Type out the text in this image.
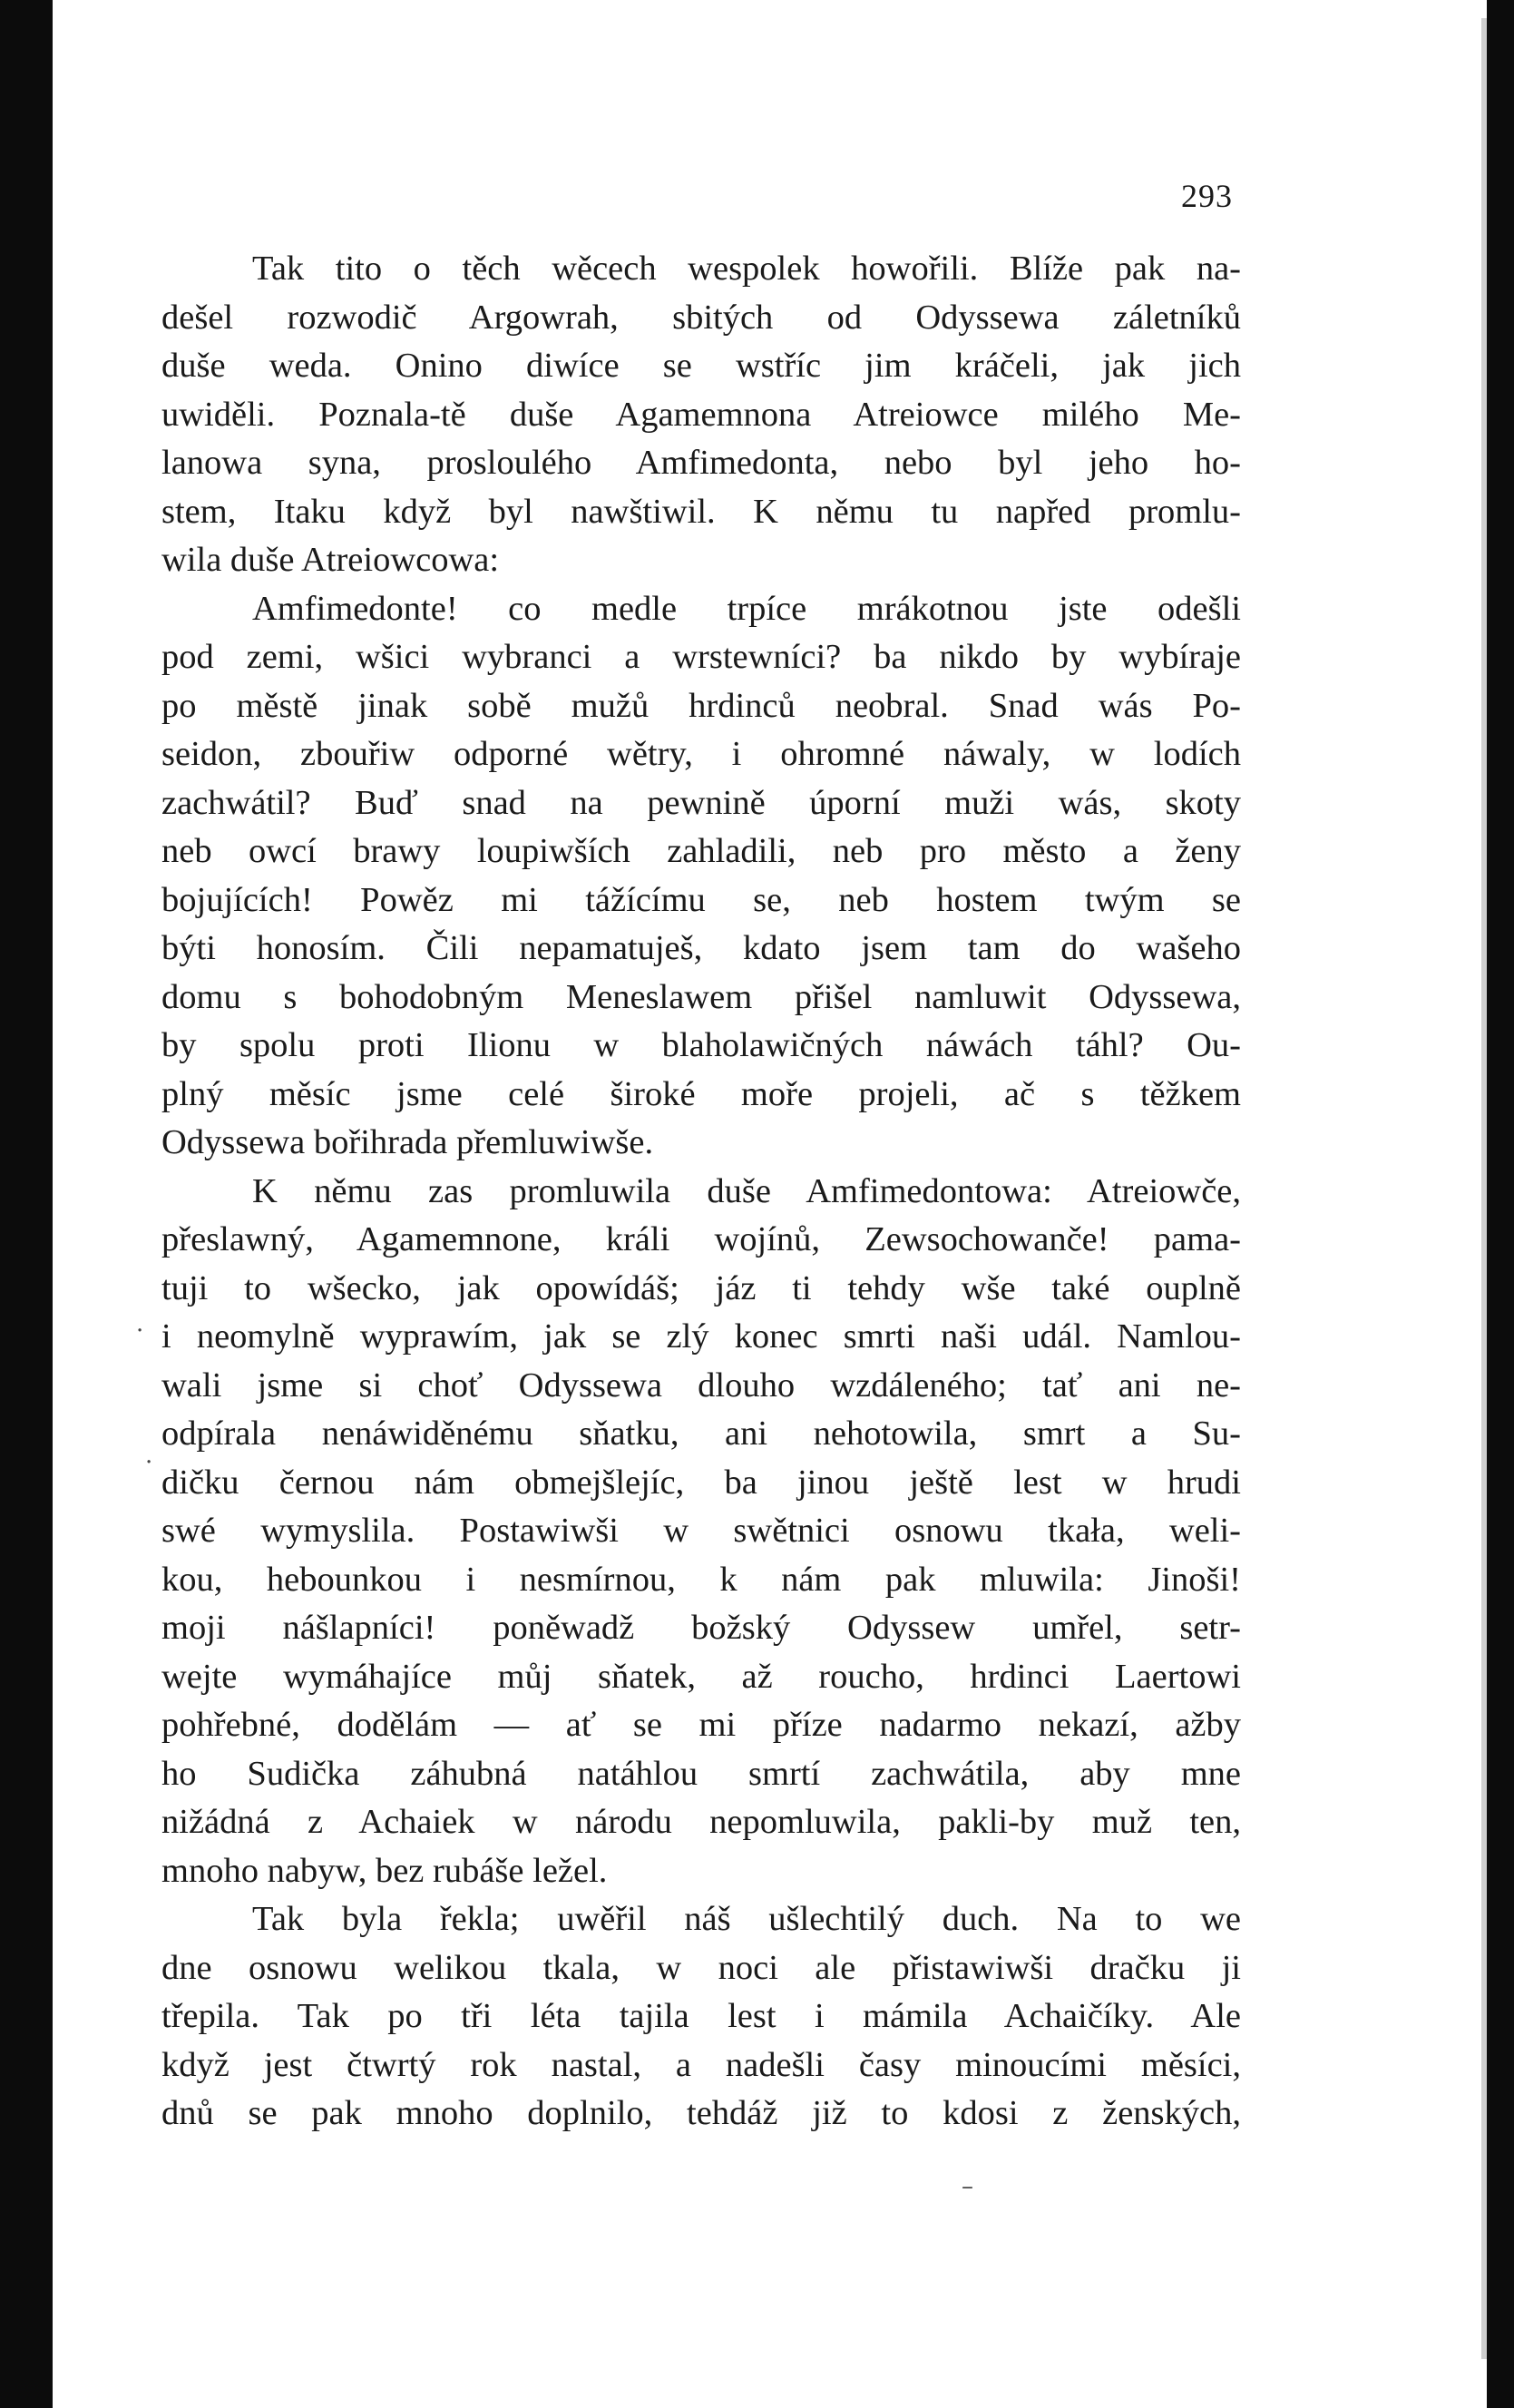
293
Tak tito o těch wěcech wespolek howořili. Blíže pak na-
dešel rozwodič Argowrah, sbitých od Odyssewa záletníků
duše weda. Onino diwíce se wstříc jim kráčeli, jak jich
uwiděli. Poznala-tě duše Agamemnona Atreiowce milého Me-
lanowa syna, prosloulého Amfimedonta, nebo byl jeho ho-
stem, Itaku když byl nawštiwil. K němu tu napřed promlu-
wila duše Atreiowcowa:
Amfimedonte! co medle trpíce mrákotnou jste odešli
pod zemi, wšici wybranci a wrstewníci? ba nikdo by wybíraje
po městě jinak sobě mužů hrdinců neobral. Snad wás Po-
seidon, zbouřiw odporné wětry, i ohromné náwaly, w lodích
zachwátil? Buď snad na pewnině úporní muži wás, skoty
neb owcí brawy loupiwších zahladili, neb pro město a ženy
bojujících! Powěz mi tážícímu se, neb hostem twým se
býti honosím. Čili nepamatuješ, kdato jsem tam do wašeho
domu s bohodobným Meneslawem přišel namluwit Odyssewa,
by spolu proti Ilionu w blaholawičných náwách táhl? Ou-
plný měsíc jsme celé široké moře projeli, ač s těžkem
Odyssewa bořihrada přemluwiwše.
K němu zas promluwila duše Amfimedontowa: Atreiowče,
přeslawný, Agamemnone, králi wojínů, Zewsochowanče! pama-
tuji to wšecko, jak opowídáš; jáz ti tehdy wše také ouplně
i neomylně wyprawím, jak se zlý konec smrti naši udál. Namlou-
wali jsme si choť Odyssewa dlouho wzdáleného; tať ani ne-
odpírala nenáwiděnému sňatku, ani nehotowila, smrt a Su-
dičku černou nám obmejšlejíc, ba jinou ještě lest w hrudi
swé wymyslila. Postawiwši w swětnici osnowu tkała, weli-
kou, hebounkou i nesmírnou, k nám pak mluwila: Jinoši!
moji nášlapníci! poněwadž božský Odyssew umřel, setr-
wejte wymáhajíce můj sňatek, až roucho, hrdinci Laertowi
pohřebné, dodělám — ať se mi příze nadarmo nekazí, ažby
ho Sudička záhubná natáhlou smrtí zachwátila, aby mne
nižádná z Achaiek w národu nepomluwila, pakli-by muž ten,
mnoho nabyw, bez rubáše ležel.
Tak byla řekla; uwěřil náš ušlechtilý duch. Na to we
dne osnowu welikou tkala, w noci ale přistawiwši dračku ji
třepila. Tak po tři léta tajila lest i mámila Achaičíky. Ale
když jest čtwrtý rok nastal, a nadešli časy minoucími měsíci,
dnů se pak mnoho doplnilo, tehdáž již to kdosi z ženských,
·
·
–
